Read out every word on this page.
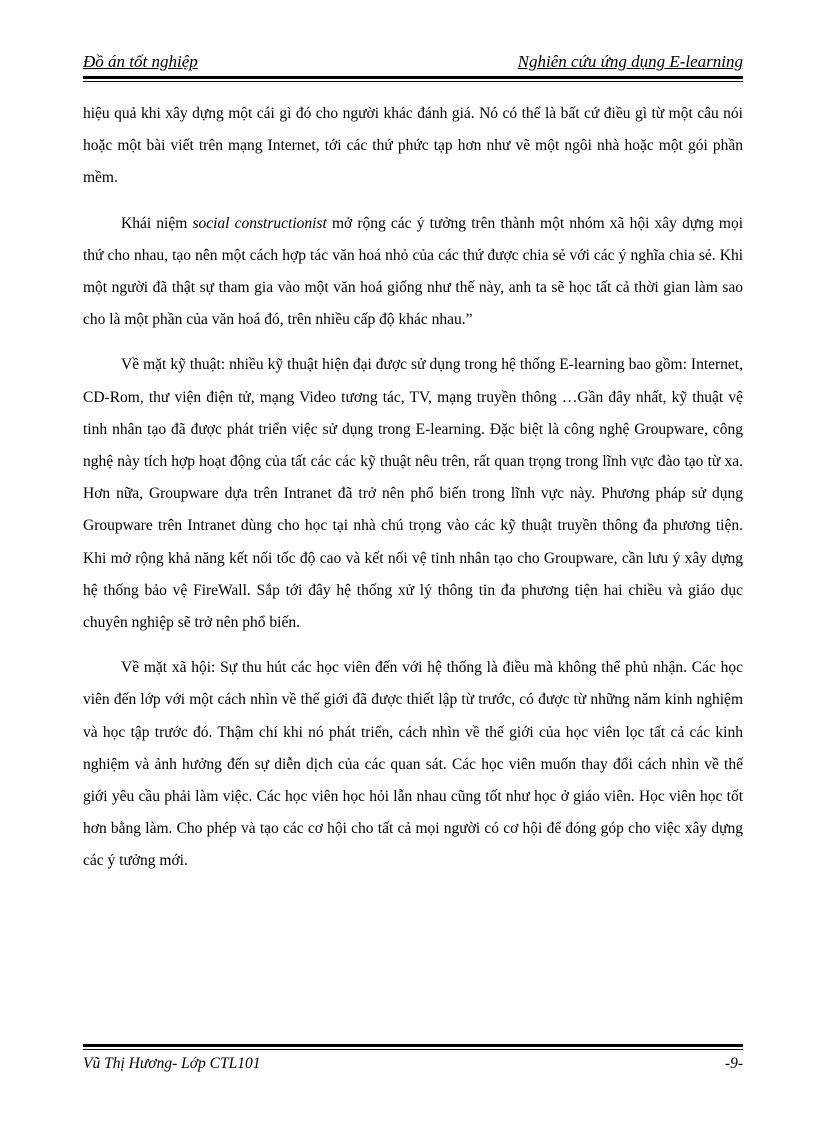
Đồ án tốt nghiệp	Nghiên cứu ứng dụng E-learning

hiệu quả khi xây dựng một cái gì đó cho người khác đánh giá. Nó có thể là bất cứ điều gì từ một câu nói hoặc một bài viết trên mạng Internet, tới các thứ phức tạp hơn như vẽ một ngôi nhà hoặc một gói phần mềm.

Khái niệm social constructionist mở rộng các ý tưởng trên thành một nhóm xã hội xây dựng mọi thứ cho nhau, tạo nên một cách hợp tác văn hoá nhỏ của các thứ được chia sẻ với các ý nghĩa chia sẻ. Khi một người đã thật sự tham gia vào một văn hoá giống như thế này, anh ta sẽ học tất cả thời gian làm sao cho là một phần của văn hoá đó, trên nhiều cấp độ khác nhau.”

Về mặt kỹ thuật: nhiều kỹ thuật hiện đại được sử dụng trong hệ thống E-learning bao gồm: Internet, CD-Rom, thư viện điện tử, mạng Video tương tác, TV, mạng truyền thông …Gần đây nhất, kỹ thuật vệ tinh nhân tạo đã được phát triển việc sử dụng trong E-learning. Đặc biệt là công nghệ Groupware, công nghệ này tích hợp hoạt động của tất các các kỹ thuật nêu trên, rất quan trọng trong lĩnh vực đào tạo từ xa. Hơn nữa, Groupware dựa trên Intranet đã trở nên phổ biến trong lĩnh vực này. Phương pháp sử dụng Groupware trên Intranet dùng cho học tại nhà chú trọng vào các kỹ thuật truyền thông đa phương tiện. Khi mở rộng khả năng kết nối tốc độ cao và kết nối vệ tinh nhân tạo cho Groupware, cần lưu ý xây dựng hệ thống bảo vệ FireWall. Sắp tới đây hệ thống xử lý thông tin đa phương tiện hai chiều và giáo dục chuyên nghiệp sẽ trở nên phổ biến.

Về mặt xã hội: Sự thu hút các học viên đến với hệ thống là điều mà không thể phủ nhận. Các học viên đến lớp với một cách nhìn về thế giới đã được thiết lập từ trước, có được từ những năm kinh nghiệm và học tập trước đó. Thậm chí khi nó phát triển, cách nhìn về thế giới của học viên lọc tất cả các kinh nghiệm và ảnh hưởng đến sự diễn dịch của các quan sát. Các học viên muốn thay đổi cách nhìn về thế giới yêu cầu phải làm việc. Các học viên học hỏi lẫn nhau cũng tốt như học ở giáo viên. Học viên học tốt hơn bằng làm. Cho phép và tạo các cơ hội cho tất cả mọi người có cơ hội để đóng góp cho việc xây dựng các ý tưởng mới.

Vũ Thị Hương- Lớp CTL101	-9-
